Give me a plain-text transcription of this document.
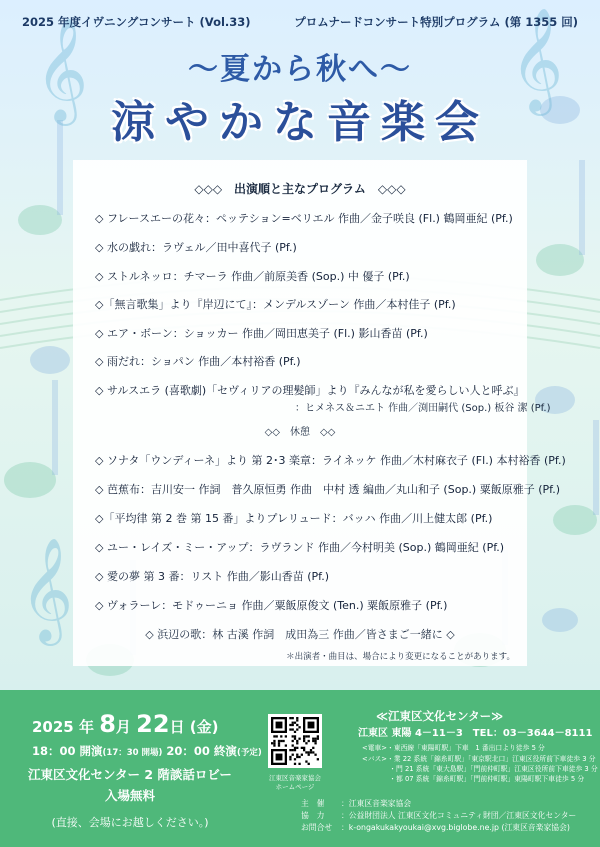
𝄞	𝄞
𝄞
2025 年度イヴニングコンサート (Vol.33)	プロムナードコンサート特別プログラム (第 1355 回)
〜夏から秋へ〜
涼やかな音楽会
◇◇◇　出演順と主なプログラム　◇◇◇
◇ フレースエーの花々：ペッテション=ベリエル 作曲／金子咲良 (Fl.) 鶴岡亜紀 (Pf.)
◇ 水の戯れ：ラヴェル／田中喜代子 (Pf.)
◇ ストルネッロ：チマーラ 作曲／前原美香 (Sop.) 中 優子 (Pf.)
◇「無言歌集」より『岸辺にて』：メンデルスゾーン 作曲／本村佳子 (Pf.)
◇ エア・ボーン：ショッカー 作曲／岡田恵美子 (Fl.) 影山香苗 (Pf.)
◇ 雨だれ：ショパン 作曲／本村裕香 (Pf.)
◇ サルスエラ (喜歌劇)「セヴィリアの理髪師」より『みんなが私を愛らしい人と呼ぶ』
：ヒメネス＆ニエト 作曲／渕田嗣代 (Sop.) 板谷 潔 (Pf.)
◇◇　休憩　◇◇
◇ ソナタ「ウンディーネ」より 第 2･3 楽章：ライネッケ 作曲／木村麻衣子 (Fl.) 本村裕香 (Pf.)
◇ 芭蕉布：吉川安一 作詞　普久原恒勇 作曲　中村 透 編曲／丸山和子 (Sop.) 粟飯原雅子 (Pf.)
◇「平均律 第 2 巻 第 15 番」よりプレリュード：バッハ 作曲／川上健太郎 (Pf.)
◇ ユー・レイズ・ミー・アップ：ラヴランド 作曲／今村明美 (Sop.) 鶴岡亜紀 (Pf.)
◇ 愛の夢 第 3 番：リスト 作曲／影山香苗 (Pf.)
◇ ヴォラーレ：モドゥーニョ 作曲／粟飯原俊文 (Ten.) 粟飯原雅子 (Pf.)
◇ 浜辺の歌：林 古溪 作詞　成田為三 作曲／皆さまご一緒に ◇
＊出演者・曲目は、場合により変更になることがあります。
2025 年 8月 22日 (金)
18：00 開演(17：30 開場) 20：00 終演(予定)
江東区文化センター 2 階談話ロビー
入場無料
(直接、会場にお越しください。)
江東区音楽家協会
ホームページ
≪江東区文化センター≫
江東区 東陽 4－11－3　TEL：03－3644－8111
<電車>・東西線「東陽町駅」下車　1 番出口より徒歩 5 分
<バス>・業 22 系統「錦糸町駅」「東京駅北口」江東区役所前下車徒歩 3 分
　　　　・門 21 系統「東大島駅」「門前仲町駅」江東区役所前下車徒歩 3 分
　　　　・都 07 系統「錦糸町駅」「門前仲町駅」東陽町駅下車徒歩 5 分
主　催 ：江東区音楽家協会
協　力 ：公益財団法人 江東区文化コミュニティ財団／江東区文化センター
お問合せ ：k-ongakukakyoukai@xvg.biglobe.ne.jp (江東区音楽家協会)
